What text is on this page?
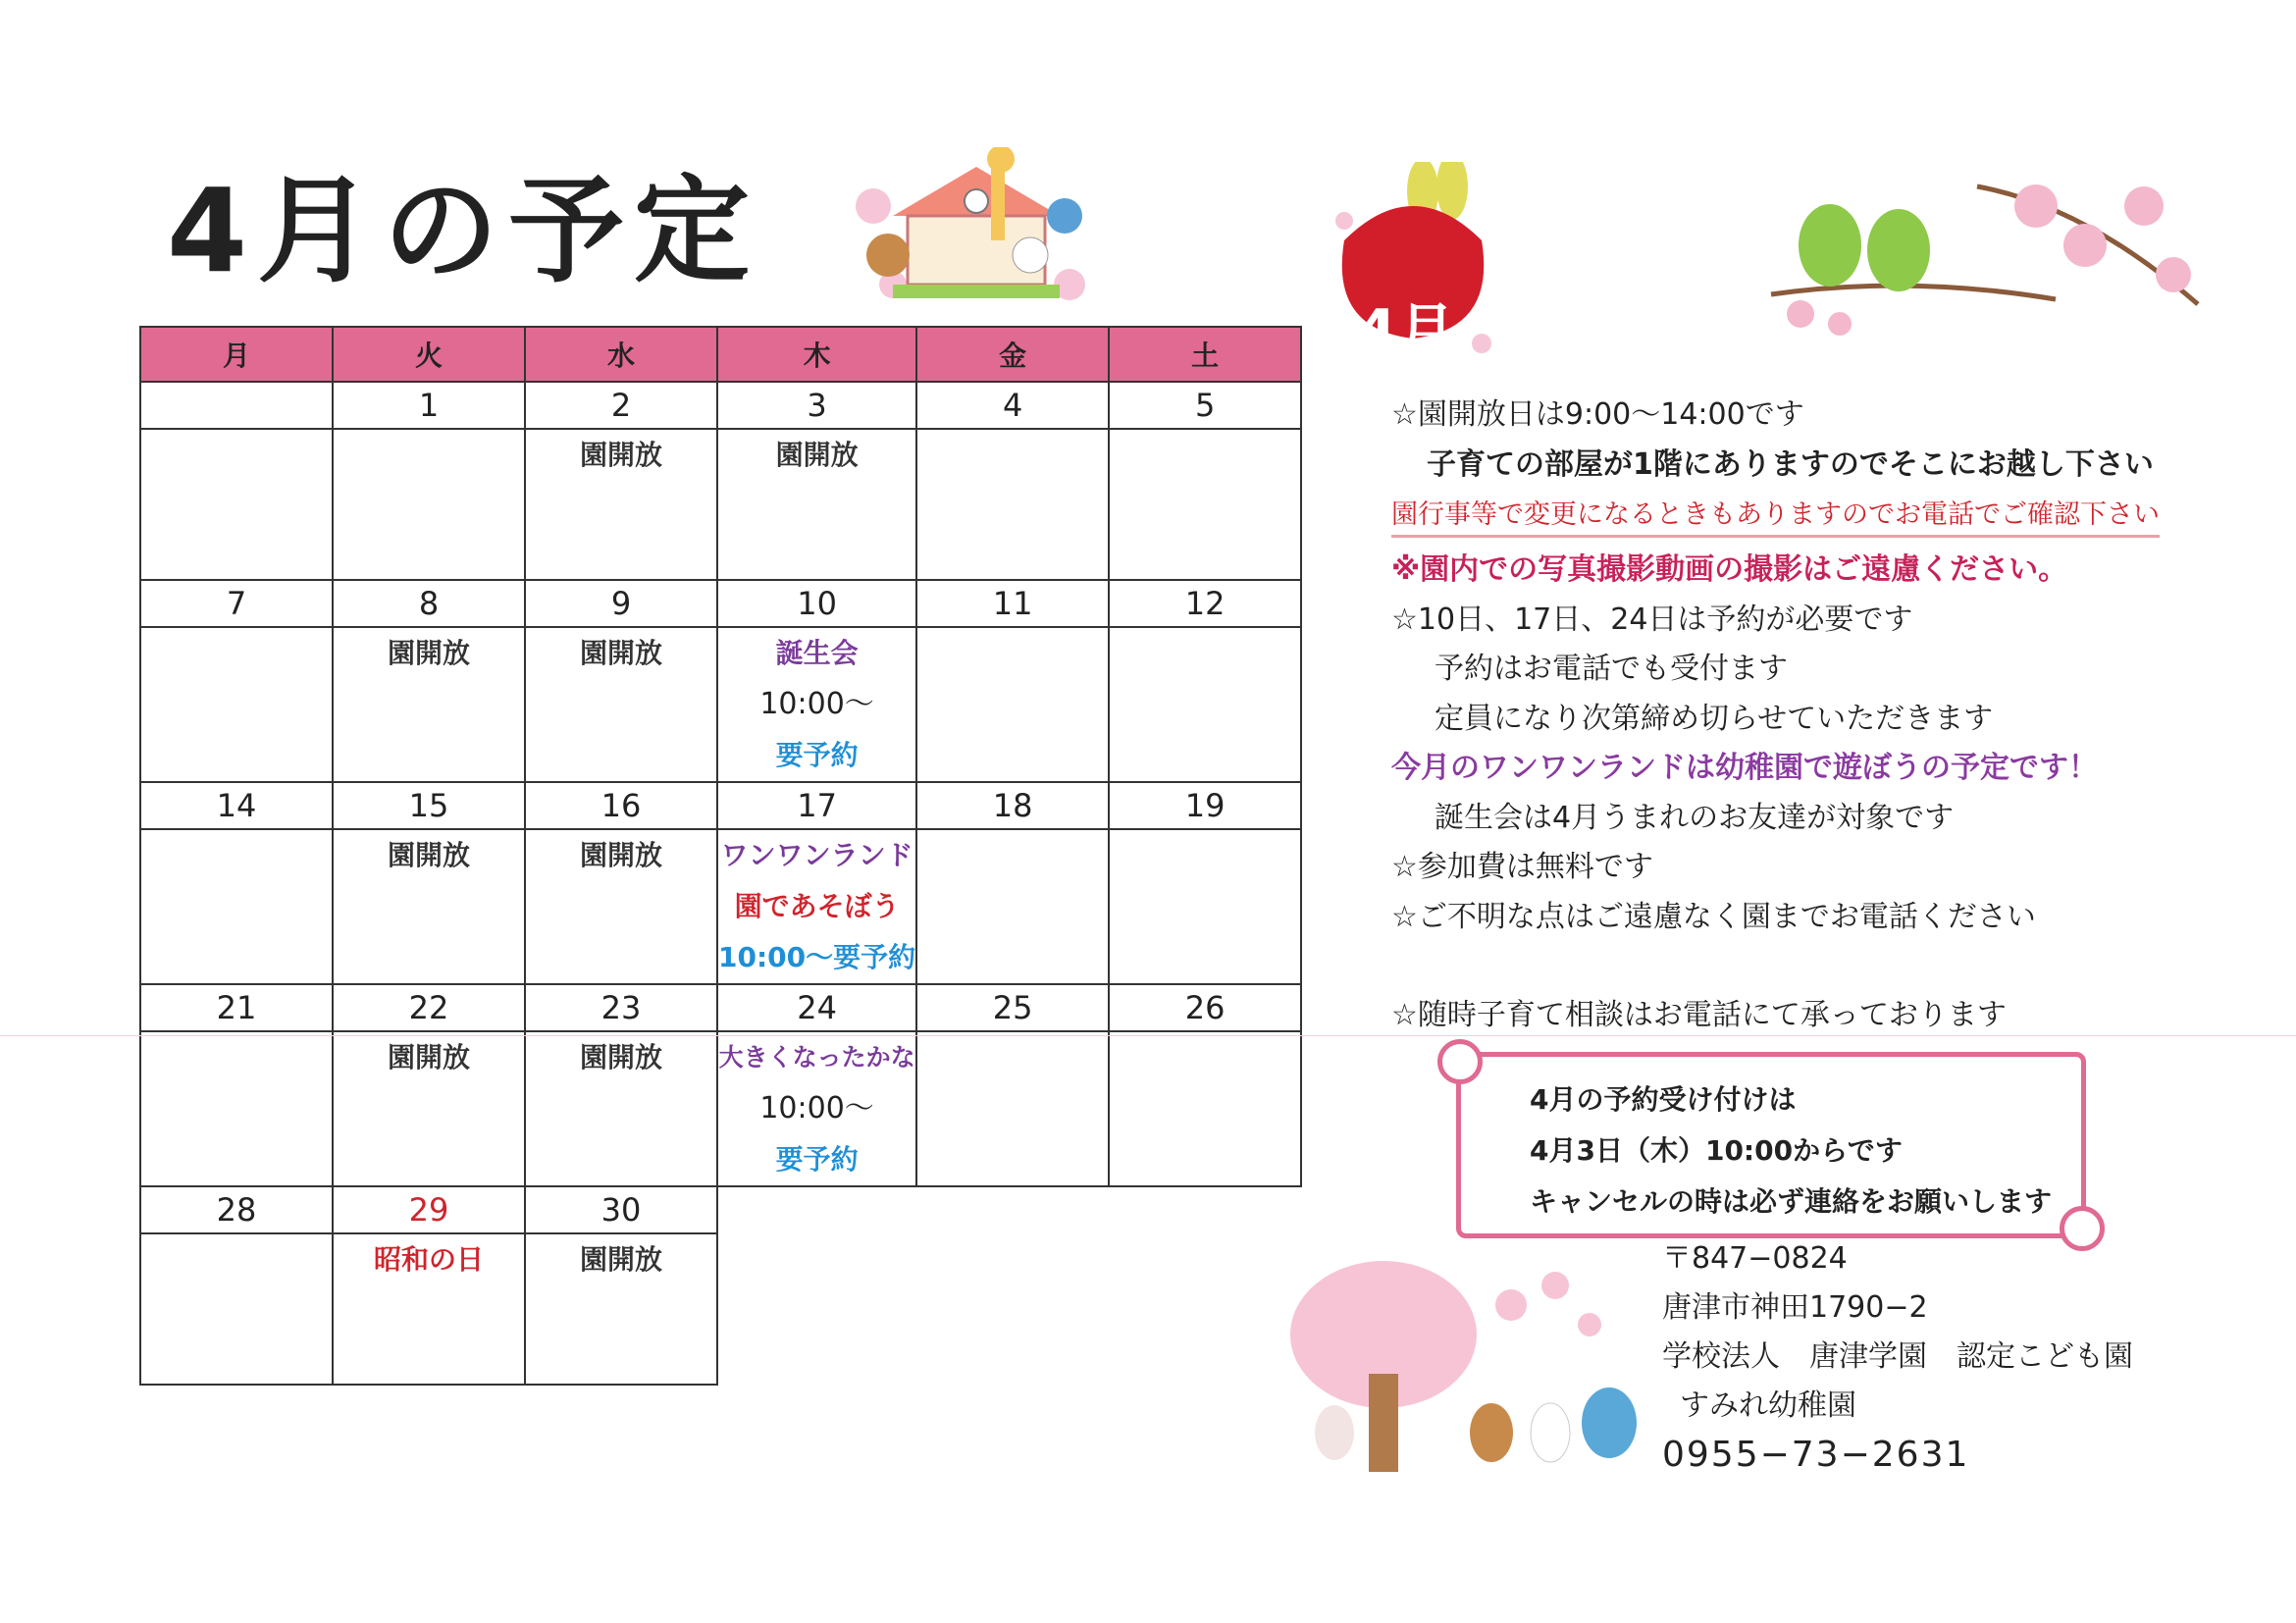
4月の予定
4月
月	火	水	木	金	土
	1	2	3	4	5

		園開放	園開放		

7	8	9	10	11	12

	園開放	園開放	誕生会
10:00〜
要予約		

14	15	16	17	18	19

	園開放	園開放	ワンワンランド
園であそぼう
10:00〜要予約		

21	22	23	24	25	26

	園開放	園開放	大きくなったかな
10:00〜
要予約		

28	29	30			

	昭和の日	園開放			

☆園開放日は9:00〜14:00です
子育ての部屋が1階にありますのでそこにお越し下さい
園行事等で変更になるときもありますのでお電話でご確認下さい
※園内での写真撮影動画の撮影はご遠慮ください。
☆10日、17日、24日は予約が必要です
予約はお電話でも受付ます
定員になり次第締め切らせていただきます
今月のワンワンランドは幼稚園で遊ぼうの予定です！
誕生会は4月うまれのお友達が対象です
☆参加費は無料です
☆ご不明な点はご遠慮なく園までお電話ください
☆随時子育て相談はお電話にて承っております
4月の予約受け付けは
4月3日（木）10:00からです
キャンセルの時は必ず連絡をお願いします
〒847−0824
唐津市神田1790−2
学校法人　唐津学園　認定こども園
すみれ幼稚園
0955−73−2631
